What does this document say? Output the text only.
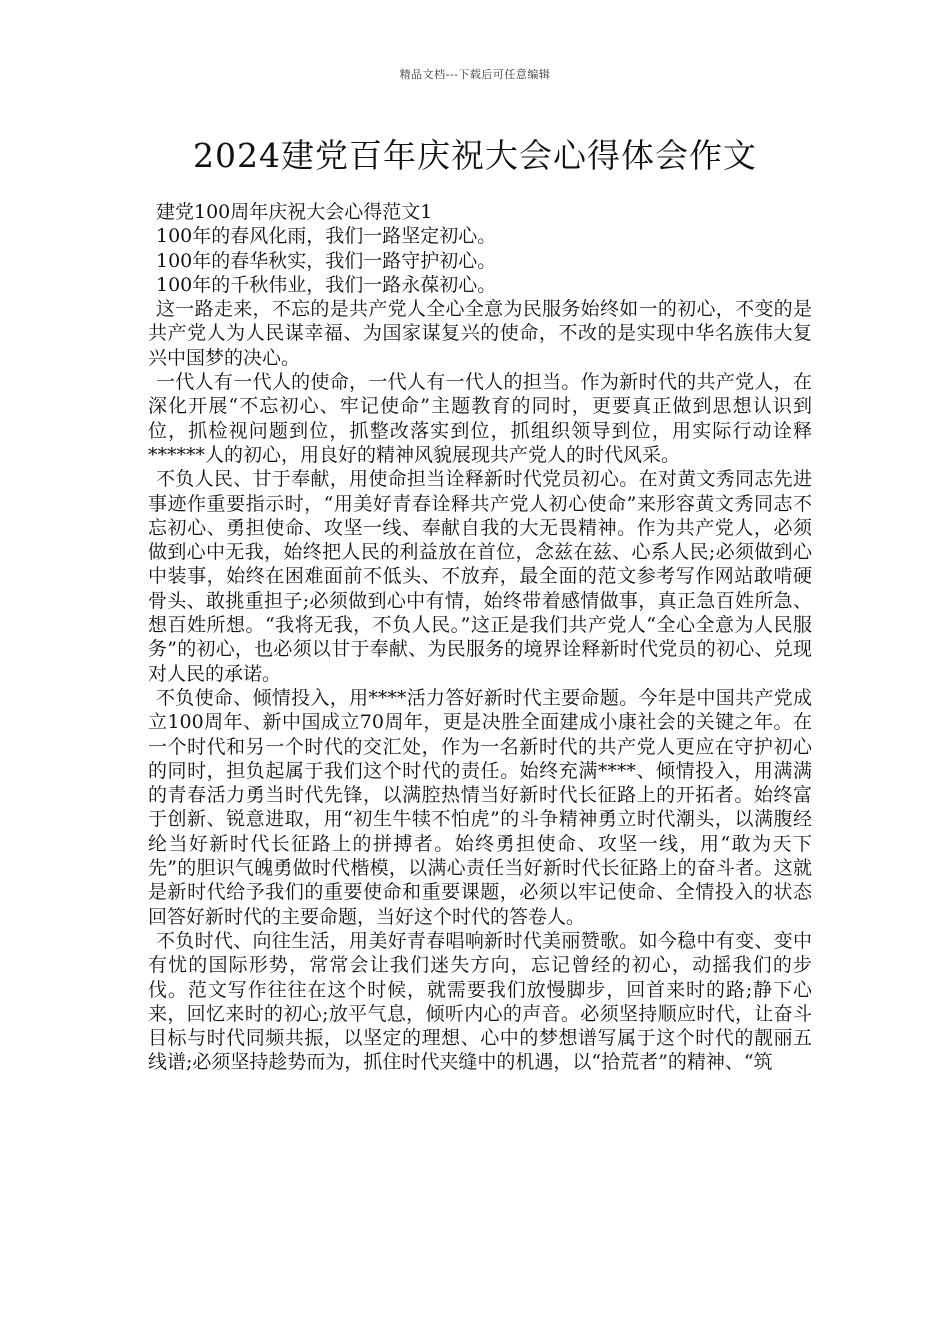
精品文档---下载后可任意编辑
2024建党百年庆祝大会心得体会作文

建党100周年庆祝大会心得范文1

100年的春风化雨，我们一路坚定初心。

100年的春华秋实，我们一路守护初心。

100年的千秋伟业，我们一路永葆初心。

这一路走来，不忘的是共产党人全心全意为民服务始终如一的初心，不变的是共产党人为人民谋幸福、为国家谋复兴的使命，不改的是实现中华名族伟大复兴中国梦的决心。

一代人有一代人的使命，一代人有一代人的担当。作为新时代的共产党人，在深化开展“不忘初心、牢记使命”主题教育的同时，更要真正做到思想认识到位，抓检视问题到位，抓整改落实到位，抓组织领导到位，用实际行动诠释******人的初心，用良好的精神风貌展现共产党人的时代风采。

不负人民、甘于奉献，用使命担当诠释新时代党员初心。在对黄文秀同志先进事迹作重要指示时，“用美好青春诠释共产党人初心使命”来形容黄文秀同志不忘初心、勇担使命、攻坚一线、奉献自我的大无畏精神。作为共产党人，必须做到心中无我，始终把人民的利益放在首位，念兹在兹、心系人民;必须做到心中装事，始终在困难面前不低头、不放弃，最全面的范文参考写作网站敢啃硬骨头、敢挑重担子;必须做到心中有情，始终带着感情做事，真正急百姓所急、想百姓所想。“我将无我，不负人民。”这正是我们共产党人“全心全意为人民服务”的初心，也必须以甘于奉献、为民服务的境界诠释新时代党员的初心、兑现对人民的承诺。

不负使命、倾情投入，用****活力答好新时代主要命题。今年是中国共产党成立100周年、新中国成立70周年，更是决胜全面建成小康社会的关键之年。在一个时代和另一个时代的交汇处，作为一名新时代的共产党人更应在守护初心的同时，担负起属于我们这个时代的责任。始终充满****、倾情投入，用满满的青春活力勇当时代先锋，以满腔热情当好新时代长征路上的开拓者。始终富于创新、锐意进取，用“初生牛犊不怕虎”的斗争精神勇立时代潮头，以满腹经纶当好新时代长征路上的拼搏者。始终勇担使命、攻坚一线，用“敢为天下先”的胆识气魄勇做时代楷模，以满心责任当好新时代长征路上的奋斗者。这就是新时代给予我们的重要使命和重要课题，必须以牢记使命、全情投入的状态回答好新时代的主要命题，当好这个时代的答卷人。

不负时代、向往生活，用美好青春唱响新时代美丽赞歌。如今稳中有变、变中有忧的国际形势，常常会让我们迷失方向，忘记曾经的初心，动摇我们的步伐。范文写作往往在这个时候，就需要我们放慢脚步，回首来时的路;静下心来，回忆来时的初心;放平气息，倾听内心的声音。必须坚持顺应时代，让奋斗目标与时代同频共振，以坚定的理想、心中的梦想谱写属于这个时代的靓丽五线谱;必须坚持趁势而为，抓住时代夹缝中的机遇，以“拾荒者”的精神、“筑
